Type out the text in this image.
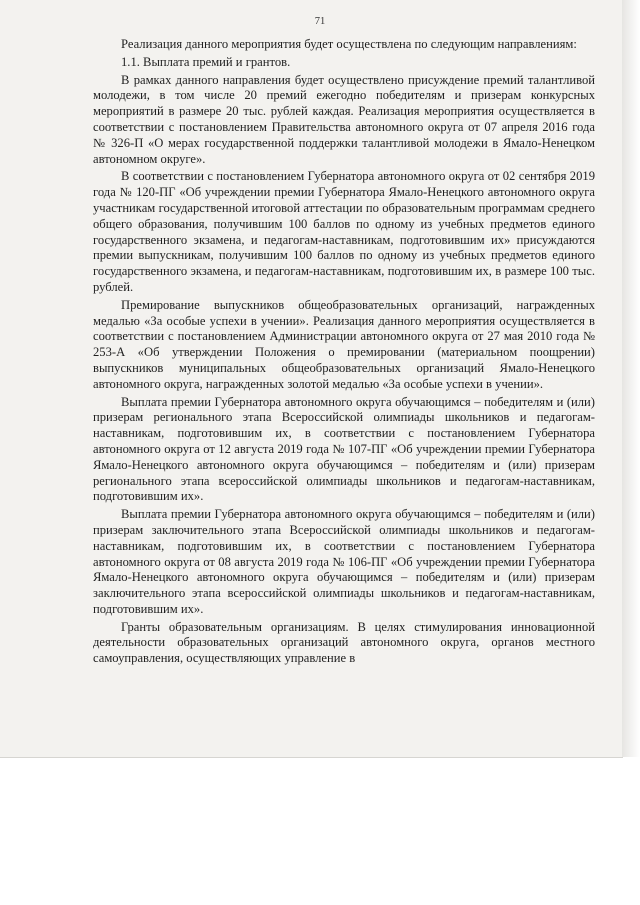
71

Реализация данного мероприятия будет осуществлена по следующим направлениям:

1.1. Выплата премий и грантов.

В рамках данного направления будет осуществлено присуждение премий талантливой молодежи, в том числе 20 премий ежегодно победителям и призерам конкурсных мероприятий в размере 20 тыс. рублей каждая. Реализация мероприятия осуществляется в соответствии с постановлением Правительства автономного округа от 07 апреля 2016 года № 326-П «О мерах государственной поддержки талантливой молодежи в Ямало-Ненецком автономном округе».

В соответствии с постановлением Губернатора автономного округа от 02 сентября 2019 года № 120-ПГ «Об учреждении премии Губернатора Ямало-Ненецкого автономного округа участникам государственной итоговой аттестации по образовательным программам среднего общего образования, получившим 100 баллов по одному из учебных предметов единого государственного экзамена, и педагогам-наставникам, подготовившим их» присуждаются премии выпускникам, получившим 100 баллов по одному из учебных предметов единого государственного экзамена, и педагогам-наставникам, подготовившим их, в размере 100 тыс. рублей.

Премирование выпускников общеобразовательных организаций, награжденных медалью «За особые успехи в учении». Реализация данного мероприятия осуществляется в соответствии с постановлением Администрации автономного округа от 27 мая 2010 года № 253-А «Об утверждении Положения о премировании (материальном поощрении) выпускников муниципальных общеобразовательных организаций Ямало-Ненецкого автономного округа, награжденных золотой медалью «За особые успехи в учении».

Выплата премии Губернатора автономного округа обучающимся – победителям и (или) призерам регионального этапа Всероссийской олимпиады школьников и педагогам-наставникам, подготовившим их, в соответствии с постановлением Губернатора автономного округа от 12 августа 2019 года № 107-ПГ «Об учреждении премии Губернатора Ямало-Ненецкого автономного округа обучающимся – победителям и (или) призерам регионального этапа всероссийской олимпиады школьников и педагогам-наставникам, подготовившим их».

Выплата премии Губернатора автономного округа обучающимся – победителям и (или) призерам заключительного этапа Всероссийской олимпиады школьников и педагогам-наставникам, подготовившим их, в соответствии с постановлением Губернатора автономного округа от 08 августа 2019 года № 106-ПГ «Об учреждении премии Губернатора Ямало-Ненецкого автономного округа обучающимся – победителям и (или) призерам заключительного этапа всероссийской олимпиады школьников и педагогам-наставникам, подготовившим их».

Гранты образовательным организациям. В целях стимулирования инновационной деятельности образовательных организаций автономного округа, органов местного самоуправления, осуществляющих управление в
